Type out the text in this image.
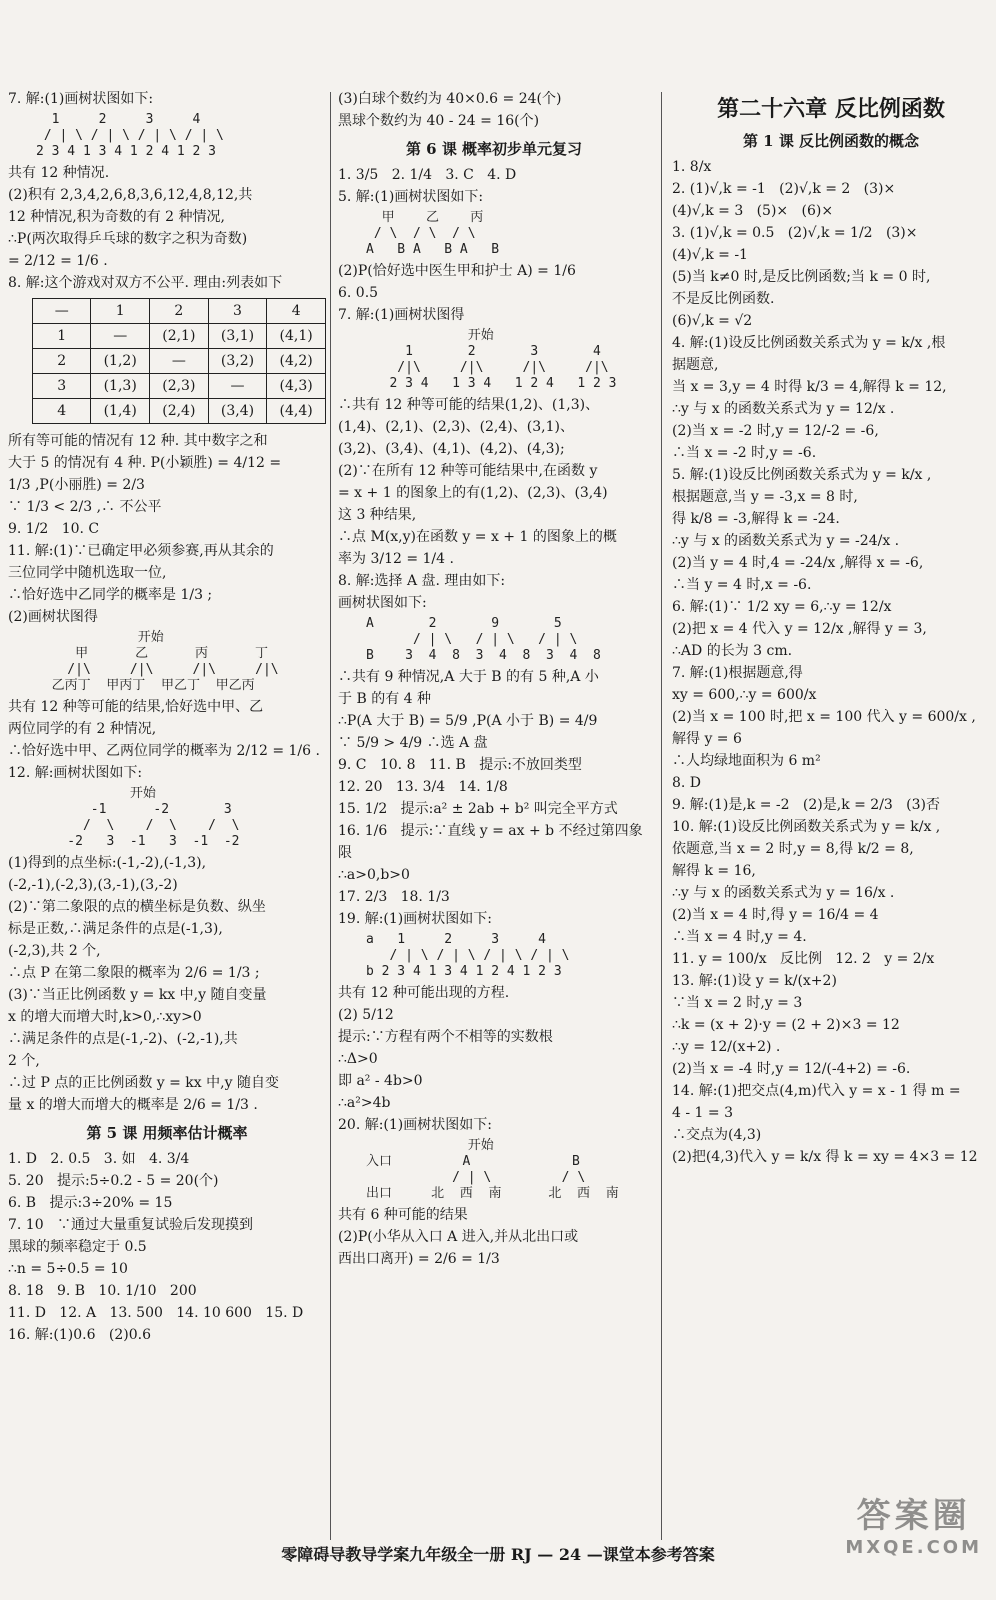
7. 解:(1)画树状图如下:
1     2     3     4
/ | \ / | \ / | \ / | \
2 3 4 1 3 4 1 2 4 1 2 3
共有 12 种情况.
(2)积有 2,3,4,2,6,8,3,6,12,4,8,12,共
12 种情况,积为奇数的有 2 种情况,
∴P(两次取得乒乓球的数字之积为奇数)
= 2/12 = 1/6 .
8. 解:这个游戏对双方不公平. 理由:列表如下
—	1	2	3	4
1	—	(2,1)	(3,1)	(4,1)
2	(1,2)	—	(3,2)	(4,2)
3	(1,3)	(2,3)	—	(4,3)
4	(1,4)	(2,4)	(3,4)	(4,4)
所有等可能的情况有 12 种. 其中数字之和
大于 5 的情况有 4 种. P(小颖胜) = 4/12 =
1/3 ,P(小丽胜) = 2/3
∵ 1/3 < 2/3 ,∴ 不公平
9. 1/2   10. C
11. 解:(1)∵已确定甲必须参赛,再从其余的
三位同学中随机选取一位,
∴恰好选中乙同学的概率是 1/3 ;
(2)画树状图得
开始
甲      乙      丙      丁
/|\     /|\     /|\     /|\
乙丙丁  甲丙丁  甲乙丁  甲乙丙
共有 12 种等可能的结果,恰好选中甲、乙
两位同学的有 2 种情况,
∴恰好选中甲、乙两位同学的概率为 2/12 = 1/6 .
12. 解:画树状图如下:
开始
-1      -2       3
/  \    /  \    /  \
-2   3  -1   3  -1  -2
(1)得到的点坐标:(-1,-2),(-1,3),
(-2,-1),(-2,3),(3,-1),(3,-2)
(2)∵第二象限的点的横坐标是负数、纵坐
标是正数,∴满足条件的点是(-1,3),
(-2,3),共 2 个,
∴点 P 在第二象限的概率为 2/6 = 1/3 ;
(3)∵当正比例函数 y = kx 中,y 随自变量
x 的增大而增大时,k>0,∴xy>0
∴满足条件的点是(-1,-2)、(-2,-1),共
2 个,
∴过 P 点的正比例函数 y = kx 中,y 随自变
量 x 的增大而增大的概率是 2/6 = 1/3 .
第 5 课 用频率估计概率
1. D   2. 0.5   3. 如   4. 3/4
5. 20   提示:5÷0.2 - 5 = 20(个)
6. B   提示:3÷20% = 15
7. 10   ∵通过大量重复试验后发现摸到
黑球的频率稳定于 0.5
∴n = 5÷0.5 = 10
8. 18   9. B   10. 1/10   200
11. D   12. A   13. 500   14. 10 600   15. D
16. 解:(1)0.6   (2)0.6
(3)白球个数约为 40×0.6 = 24(个)
黑球个数约为 40 - 24 = 16(个)
第 6 课 概率初步单元复习
1. 3/5   2. 1/4   3. C   4. D
5. 解:(1)画树状图如下:
甲    乙    丙
/ \  / \  / \
A   B A   B A   B
(2)P(恰好选中医生甲和护士 A) = 1/6
6. 0.5
7. 解:(1)画树状图得
开始
1       2       3       4
/|\     /|\     /|\     /|\
2 3 4   1 3 4   1 2 4   1 2 3
∴共有 12 种等可能的结果(1,2)、(1,3)、
(1,4)、(2,1)、(2,3)、(2,4)、(3,1)、
(3,2)、(3,4)、(4,1)、(4,2)、(4,3);
(2)∵在所有 12 种等可能结果中,在函数 y
= x + 1 的图象上的有(1,2)、(2,3)、(3,4)
这 3 种结果,
∴点 M(x,y)在函数 y = x + 1 的图象上的概
率为 3/12 = 1/4 .
8. 解:选择 A 盘. 理由如下:
画树状图如下:
A       2       9       5
/ | \   / | \   / | \
B    3  4  8  3  4  8  3  4  8
∴共有 9 种情况,A 大于 B 的有 5 种,A 小
于 B 的有 4 种
∴P(A 大于 B) = 5/9 ,P(A 小于 B) = 4/9
∵ 5/9 > 4/9 ∴选 A 盘
9. C   10. 8   11. B   提示:不放回类型
12. 20   13. 3/4   14. 1/8
15. 1/2   提示:a² ± 2ab + b² 叫完全平方式
16. 1/6   提示:∵直线 y = ax + b 不经过第四象
限
∴a>0,b>0
17. 2/3   18. 1/3
19. 解:(1)画树状图如下:
a   1     2     3     4
/ | \ / | \ / | \ / | \
b 2 3 4 1 3 4 1 2 4 1 2 3
共有 12 种可能出现的方程.
(2) 5/12
提示:∵方程有两个不相等的实数根
∴Δ>0
即 a² - 4b>0
∴a²>4b
20. 解:(1)画树状图如下:
开始
入口         A             B
/ | \         / \
出口     北  西  南      北  西  南
共有 6 种可能的结果
(2)P(小华从入口 A 进入,并从北出口或
西出口离开) = 2/6 = 1/3
第二十六章 反比例函数
第 1 课 反比例函数的概念
1. 8/x
2. (1)√,k = -1   (2)√,k = 2   (3)×
(4)√,k = 3   (5)×   (6)×
3. (1)√,k = 0.5   (2)√,k = 1/2   (3)×
(4)√,k = -1
(5)当 k≠0 时,是反比例函数;当 k = 0 时,
不是反比例函数.
(6)√,k = √2
4. 解:(1)设反比例函数关系式为 y = k/x ,根
据题意,
当 x = 3,y = 4 时得 k/3 = 4,解得 k = 12,
∴y 与 x 的函数关系式为 y = 12/x .
(2)当 x = -2 时,y = 12/-2 = -6,
∴当 x = -2 时,y = -6.
5. 解:(1)设反比例函数关系式为 y = k/x ,
根据题意,当 y = -3,x = 8 时,
得 k/8 = -3,解得 k = -24.
∴y 与 x 的函数关系式为 y = -24/x .
(2)当 y = 4 时,4 = -24/x ,解得 x = -6,
∴当 y = 4 时,x = -6.
6. 解:(1)∵ 1/2 xy = 6,∴y = 12/x
(2)把 x = 4 代入 y = 12/x ,解得 y = 3,
∴AD 的长为 3 cm.
7. 解:(1)根据题意,得
xy = 600,∴y = 600/x
(2)当 x = 100 时,把 x = 100 代入 y = 600/x ,
解得 y = 6
∴人均绿地面积为 6 m²
8. D
9. 解:(1)是,k = -2   (2)是,k = 2/3   (3)否
10. 解:(1)设反比例函数关系式为 y = k/x ,
依题意,当 x = 2 时,y = 8,得 k/2 = 8,
解得 k = 16,
∴y 与 x 的函数关系式为 y = 16/x .
(2)当 x = 4 时,得 y = 16/4 = 4
∴当 x = 4 时,y = 4.
11. y = 100/x   反比例   12. 2   y = 2/x
13. 解:(1)设 y = k/(x+2)
∵当 x = 2 时,y = 3
∴k = (x + 2)·y = (2 + 2)×3 = 12
∴y = 12/(x+2) .
(2)当 x = -4 时,y = 12/(-4+2) = -6.
14. 解:(1)把交点(4,m)代入 y = x - 1 得 m =
4 - 1 = 3
∴交点为(4,3)
(2)把(4,3)代入 y = k/x 得 k = xy = 4×3 = 12
零障碍导教导学案九年级全一册 RJ — 24 —课堂本参考答案
答案圈
MXQE.COM
